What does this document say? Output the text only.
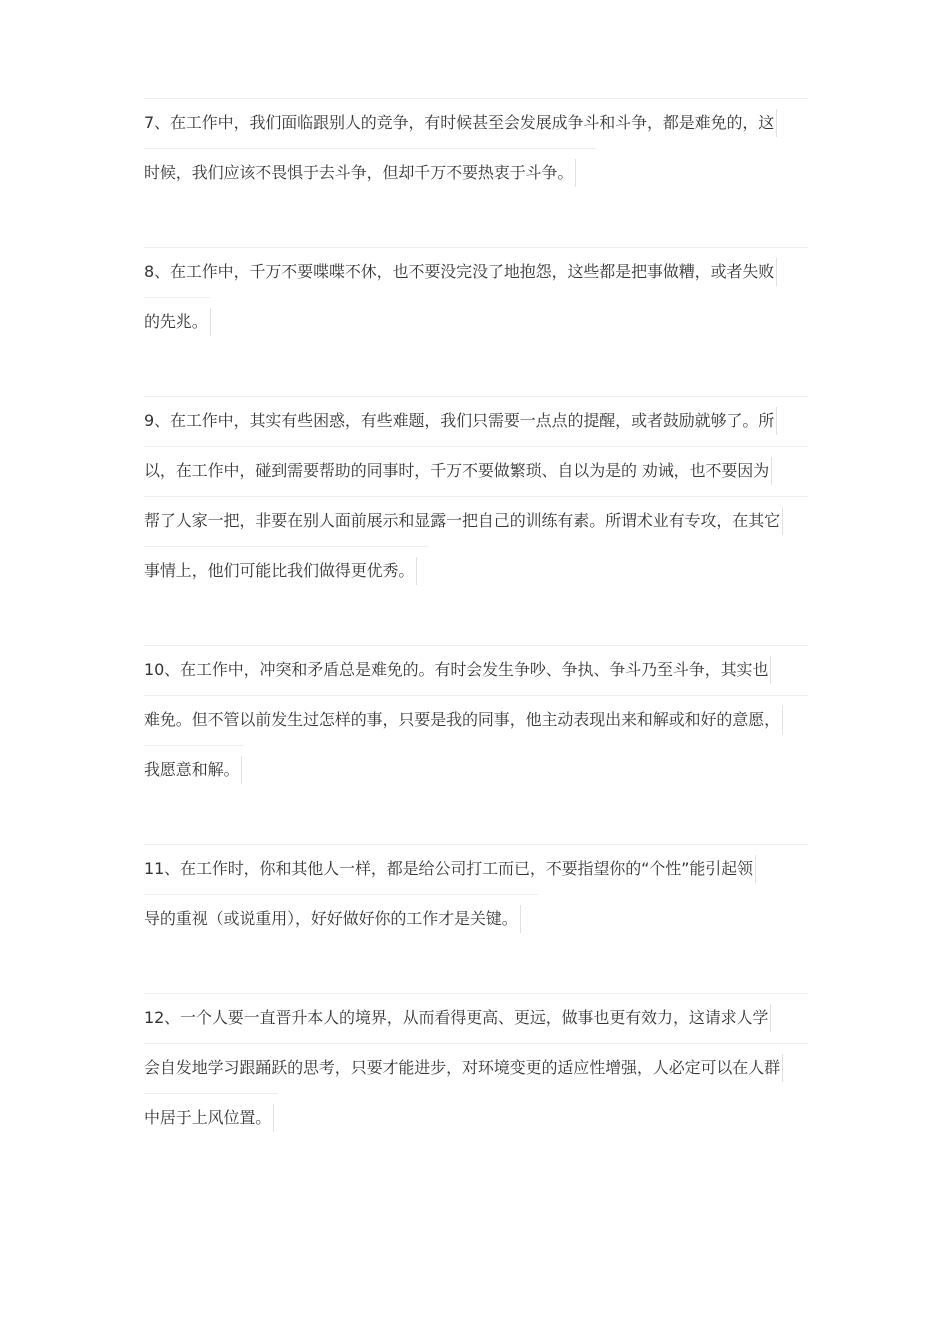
7、在工作中，我们面临跟别人的竞争，有时候甚至会发展成争斗和斗争，都是难免的，这
时候，我们应该不畏惧于去斗争，但却千万不要热衷于斗争。
8、在工作中，千万不要喋喋不休，也不要没完没了地抱怨，这些都是把事做糟，或者失败
的先兆。
9、在工作中，其实有些困惑，有些难题，我们只需要一点点的提醒，或者鼓励就够了。所
以，在工作中，碰到需要帮助的同事时，千万不要做繁琐、自以为是的 劝诫，也不要因为
帮了人家一把，非要在别人面前展示和显露一把自己的训练有素。所谓术业有专攻，在其它
事情上，他们可能比我们做得更优秀。
10、在工作中，冲突和矛盾总是难免的。有时会发生争吵、争执、争斗乃至斗争，其实也
难免。但不管以前发生过怎样的事，只要是我的同事，他主动表现出来和解或和好的意愿，
我愿意和解。
11、在工作时，你和其他人一样，都是给公司打工而已，不要指望你的“个性”能引起领
导的重视（或说重用），好好做好你的工作才是关键。
12、一个人要一直晋升本人的境界，从而看得更高、更远，做事也更有效力，这请求人学
会自发地学习跟踊跃的思考，只要才能进步，对环境变更的适应性增强，人必定可以在人群
中居于上风位置。
